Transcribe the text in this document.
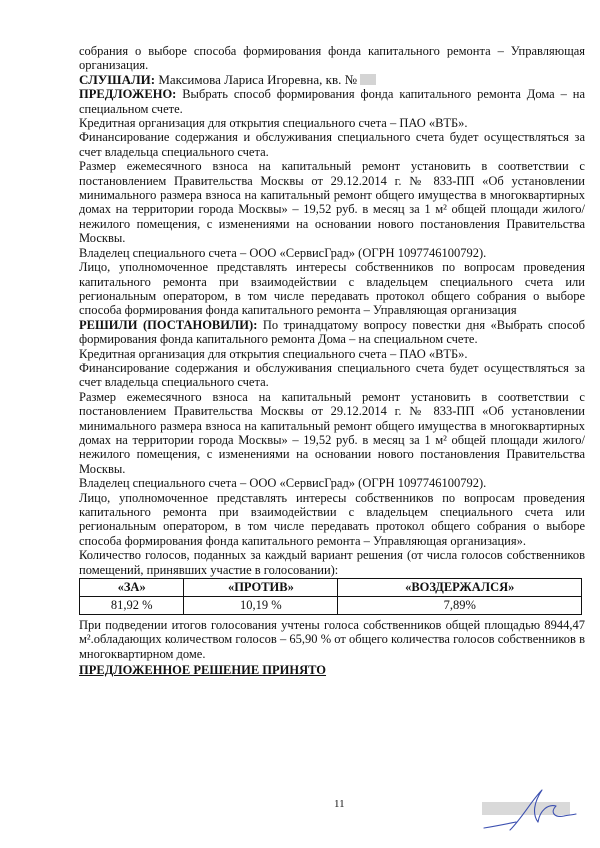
собрания о выборе способа формирования фонда капитального ремонта – Управляющая организация.

СЛУШАЛИ: Максимова Лариса Игоревна, кв. №

ПРЕДЛОЖЕНО: Выбрать способ формирования фонда капитального ремонта Дома – на специальном счете.

Кредитная организация для открытия специального счета – ПАО «ВТБ».

Финансирование содержания и обслуживания специального счета будет осуществляться за счет владельца специального счета.

Размер ежемесячного взноса на капитальный ремонт установить в соответствии с постановлением Правительства Москвы от 29.12.2014 г. № 833-ПП «Об установлении минимального размера взноса на капитальный ремонт общего имущества в многоквартирных домах на территории города Москвы» – 19,52 руб. в месяц за 1 м² общей площади жилого/нежилого помещения, с изменениями на основании нового постановления Правительства Москвы.

Владелец специального счета – ООО «СервисГрад» (ОГРН 1097746100792).

Лицо, уполномоченное представлять интересы собственников по вопросам проведения капитального ремонта при взаимодействии с владельцем специального счета или региональным оператором, в том числе передавать протокол общего собрания о выборе способа формирования фонда капитального ремонта – Управляющая организация

РЕШИЛИ (ПОСТАНОВИЛИ): По тринадцатому вопросу повестки дня «Выбрать способ формирования фонда капитального ремонта Дома – на специальном счете.

Кредитная организация для открытия специального счета – ПАО «ВТБ».

Финансирование содержания и обслуживания специального счета будет осуществляться за счет владельца специального счета.

Размер ежемесячного взноса на капитальный ремонт установить в соответствии с постановлением Правительства Москвы от 29.12.2014 г. № 833-ПП «Об установлении минимального размера взноса на капитальный ремонт общего имущества в многоквартирных домах на территории города Москвы» – 19,52 руб. в месяц за 1 м² общей площади жилого/нежилого помещения, с изменениями на основании нового постановления Правительства Москвы.

Владелец специального счета – ООО «СервисГрад» (ОГРН 1097746100792).

Лицо, уполномоченное представлять интересы собственников по вопросам проведения капитального ремонта при взаимодействии с владельцем специального счета или региональным оператором, в том числе передавать протокол общего собрания о выборе способа формирования фонда капитального ремонта – Управляющая организация».

Количество голосов, поданных за каждый вариант решения (от числа голосов собственников помещений, принявших участие в голосовании):

«ЗА»	«ПРОТИВ»	«ВОЗДЕРЖАЛСЯ»
81,92 %	10,19 %	7,89%

При подведении итогов голосования учтены голоса собственников общей площадью 8944,47 м².обладающих количеством голосов – 65,90 % от общего количества голосов собственников в многоквартирном доме.

ПРЕДЛОЖЕННОЕ РЕШЕНИЕ ПРИНЯТО

11
